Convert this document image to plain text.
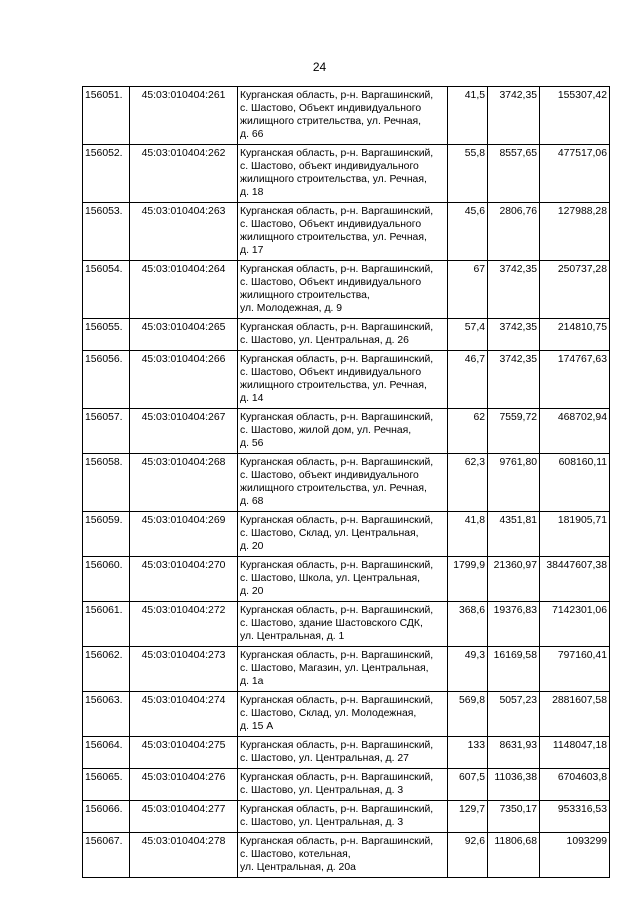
24
156051.	45:03:010404:261	Курганская область, р-н. Варгашинский,
с. Шастово, Объект индивидуального
жилищного стрительства, ул. Речная,
д. 66	41,5	3742,35	155307,42
156052.	45:03:010404:262	Курганская область, р-н. Варгашинский,
с. Шастово, объект индивидуального
жилищного строительства, ул. Речная,
д. 18	55,8	8557,65	477517,06
156053.	45:03:010404:263	Курганская область, р-н. Варгашинский,
с. Шастово, Объект индивидуального
жилищного строительства, ул. Речная,
д. 17	45,6	2806,76	127988,28
156054.	45:03:010404:264	Курганская область, р-н. Варгашинский,
с. Шастово, Объект индивидуального
жилищного строительства,
ул. Молодежная, д. 9	67	3742,35	250737,28
156055.	45:03:010404:265	Курганская область, р-н. Варгашинский,
с. Шастово, ул. Центральная, д. 26	57,4	3742,35	214810,75
156056.	45:03:010404:266	Курганская область, р-н. Варгашинский,
с. Шастово, Объект индивидуального
жилищного строительства, ул. Речная,
д. 14	46,7	3742,35	174767,63
156057.	45:03:010404:267	Курганская область, р-н. Варгашинский,
с. Шастово, жилой дом, ул. Речная,
д. 56	62	7559,72	468702,94
156058.	45:03:010404:268	Курганская область, р-н. Варгашинский,
с. Шастово, объект индивидуального
жилищного строительства, ул. Речная,
д. 68	62,3	9761,80	608160,11
156059.	45:03:010404:269	Курганская область, р-н. Варгашинский,
с. Шастово, Склад, ул. Центральная,
д. 20	41,8	4351,81	181905,71
156060.	45:03:010404:270	Курганская область, р-н. Варгашинский,
с. Шастово, Школа, ул. Центральная,
д. 20	1799,9	21360,97	38447607,38
156061.	45:03:010404:272	Курганская область, р-н. Варгашинский,
с. Шастово, здание Шастовского СДК,
ул. Центральная, д. 1	368,6	19376,83	7142301,06
156062.	45:03:010404:273	Курганская область, р-н. Варгашинский,
с. Шастово, Магазин, ул. Центральная,
д. 1а	49,3	16169,58	797160,41
156063.	45:03:010404:274	Курганская область, р-н. Варгашинский,
с. Шастово, Склад, ул. Молодежная,
д. 15 А	569,8	5057,23	2881607,58
156064.	45:03:010404:275	Курганская область, р-н. Варгашинский,
с. Шастово, ул. Центральная, д. 27	133	8631,93	1148047,18
156065.	45:03:010404:276	Курганская область, р-н. Варгашинский,
с. Шастово, ул. Центральная, д. 3	607,5	11036,38	6704603,8
156066.	45:03:010404:277	Курганская область, р-н. Варгашинский,
с. Шастово, ул. Центральная, д. 3	129,7	7350,17	953316,53
156067.	45:03:010404:278	Курганская область, р-н. Варгашинский,
с. Шастово, котельная,
ул. Центральная, д. 20а	92,6	11806,68	1093299
